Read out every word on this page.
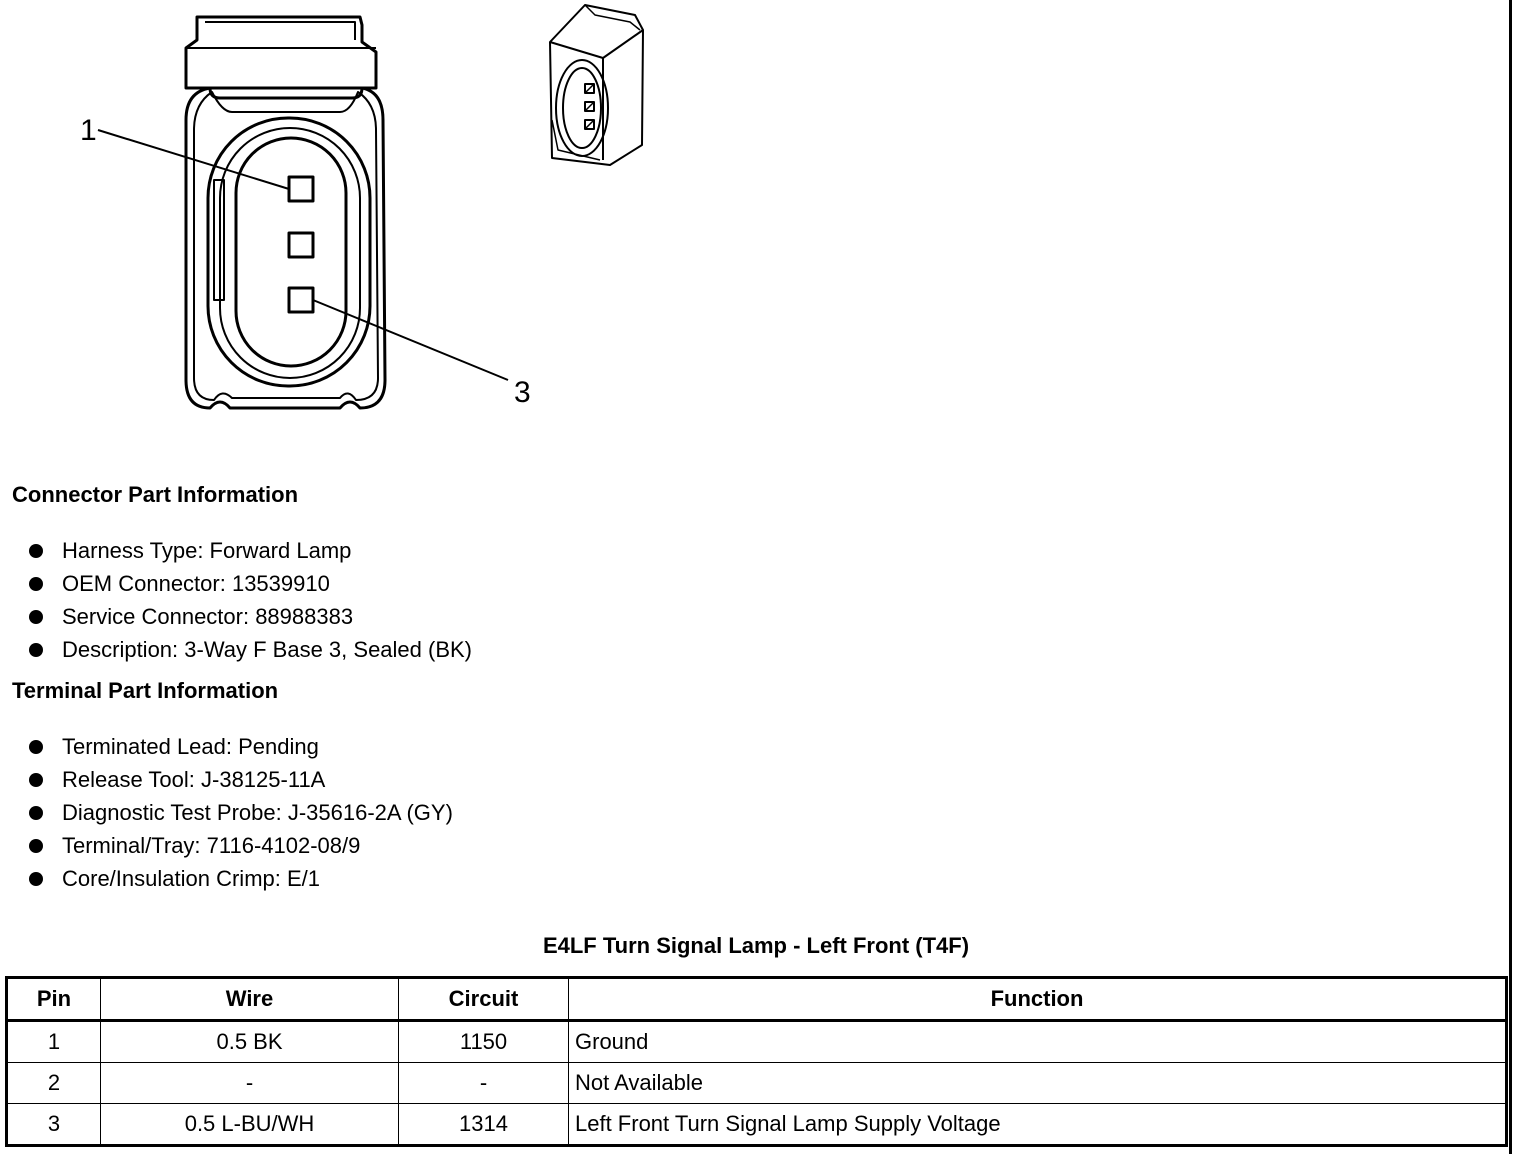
1
3
Connector Part Information
Harness Type: Forward Lamp
OEM Connector: 13539910
Service Connector: 88988383
Description: 3-Way F Base 3, Sealed (BK)
Terminal Part Information
Terminated Lead: Pending
Release Tool: J-38125-11A
Diagnostic Test Probe: J-35616-2A (GY)
Terminal/Tray: 7116-4102-08/9
Core/Insulation Crimp: E/1
E4LF Turn Signal Lamp - Left Front (T4F)
Pin	Wire	Circuit	Function
1	0.5 BK	1150	Ground
2	-	-	Not Available
3	0.5 L-BU/WH	1314	Left Front Turn Signal Lamp Supply Voltage
